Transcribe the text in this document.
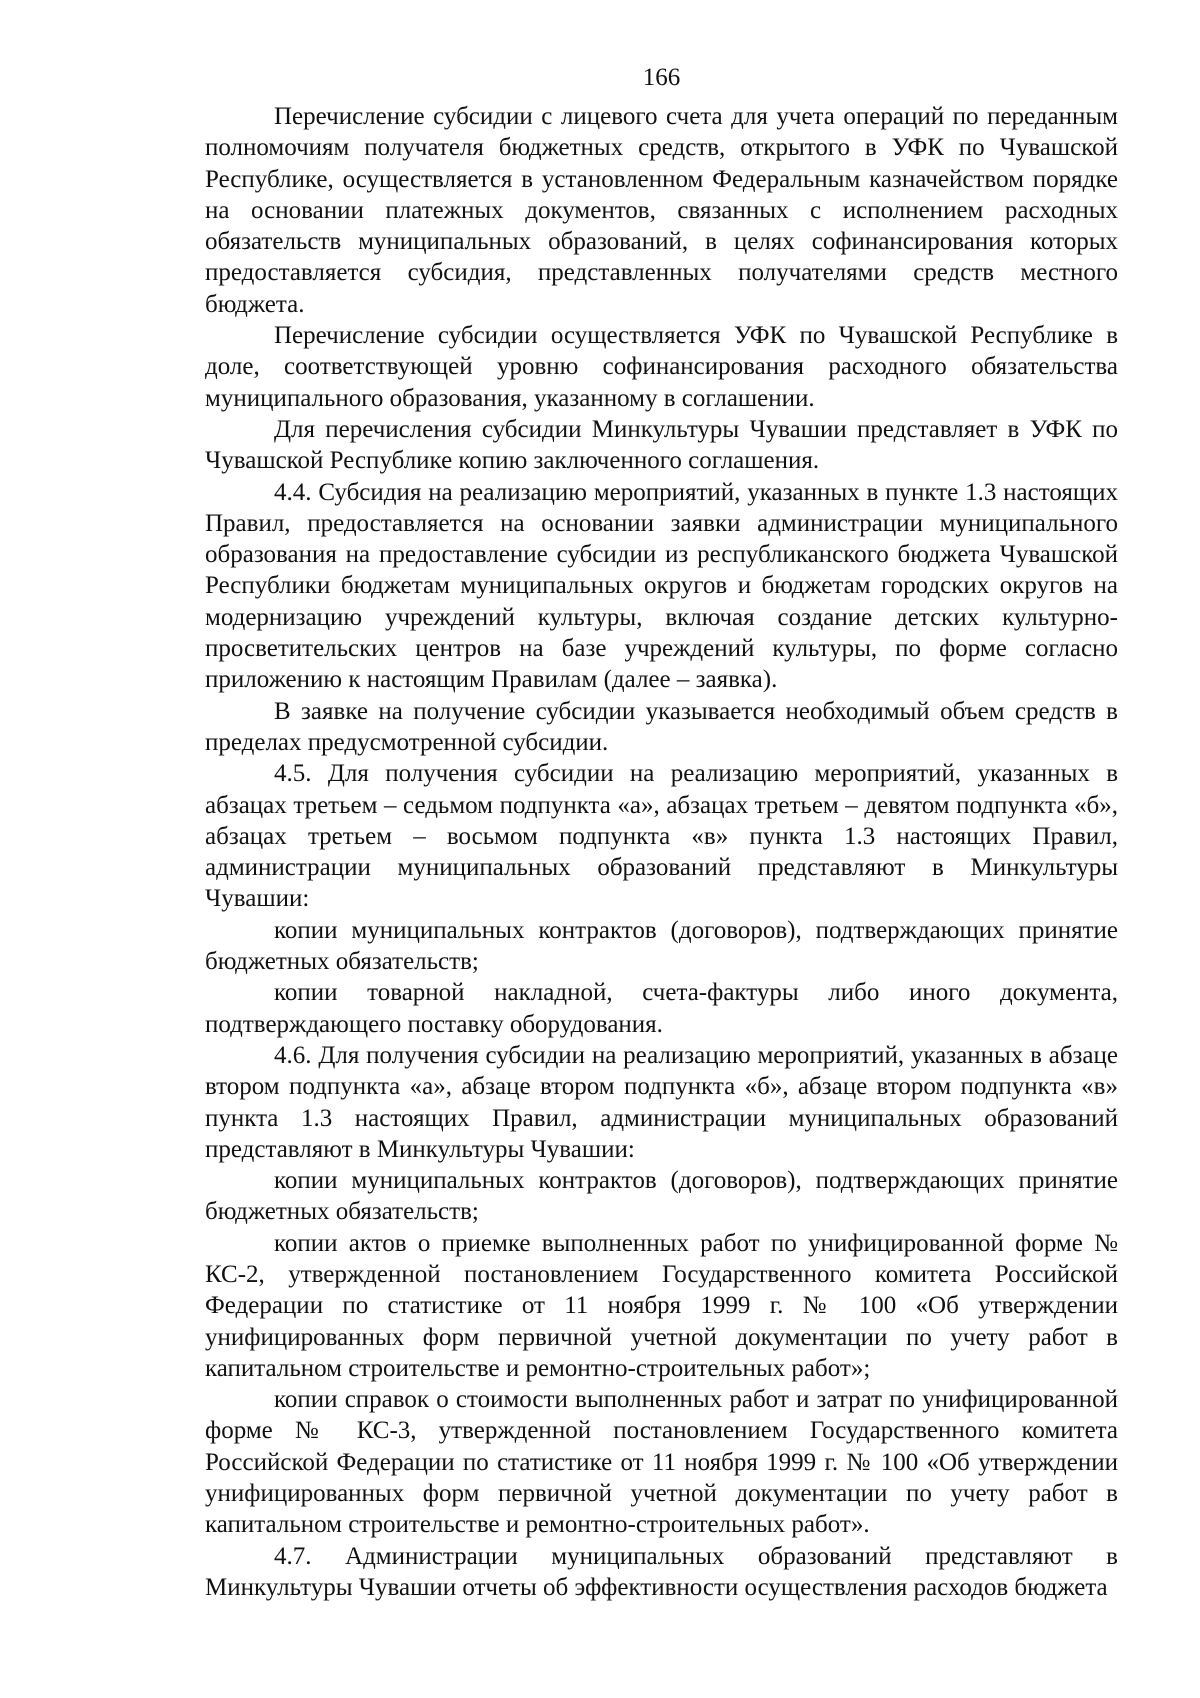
166

Перечисление субсидии с лицевого счета для учета операций по переданным полномочиям получателя бюджетных средств, открытого в УФК по Чувашской Республике, осуществляется в установленном Федеральным казначейством порядке на основании платежных документов, связанных с исполнением расходных обязательств муниципальных образований, в целях софинансирования которых предоставляется субсидия, представленных получателями средств местного бюджета.

Перечисление субсидии осуществляется УФК по Чувашской Республике в доле, соответствующей уровню софинансирования расходного обязательства муниципального образования, указанному в соглашении.

Для перечисления субсидии Минкультуры Чувашии представляет в УФК по Чувашской Республике копию заключенного соглашения.

4.4. Субсидия на реализацию мероприятий, указанных в пункте 1.3 настоящих Правил, предоставляется на основании заявки администрации муниципального образования на предоставление субсидии из республиканского бюджета Чувашской Республики бюджетам муниципальных округов и бюджетам городских округов на модернизацию учреждений культуры, включая создание детских культурно-просветительских центров на базе учреждений культуры, по форме согласно приложению к настоящим Правилам (далее – заявка).

В заявке на получение субсидии указывается необходимый объем средств в пределах предусмотренной субсидии.

4.5. Для получения субсидии на реализацию мероприятий, указанных в абзацах третьем – седьмом подпункта «а», абзацах третьем – девятом подпункта «б», абзацах третьем – восьмом подпункта «в» пункта 1.3 настоящих Правил, администрации муниципальных образований представляют в Минкультуры Чувашии:

копии муниципальных контрактов (договоров), подтверждающих принятие бюджетных обязательств;

копии товарной накладной, счета-фактуры либо иного документа, подтверждающего поставку оборудования.

4.6. Для получения субсидии на реализацию мероприятий, указанных в абзаце втором подпункта «а», абзаце втором подпункта «б», абзаце втором подпункта «в» пункта 1.3 настоящих Правил, администрации муниципальных образований представляют в Минкультуры Чувашии:

копии муниципальных контрактов (договоров), подтверждающих принятие бюджетных обязательств;

копии актов о приемке выполненных работ по унифицированной форме № КС-2, утвержденной постановлением Государственного комитета Российской Федерации по статистике от 11 ноября 1999 г. № 100 «Об утверждении унифицированных форм первичной учетной документации по учету работ в капитальном строительстве и ремонтно-строительных работ»;

копии справок о стоимости выполненных работ и затрат по унифицированной форме № КС-3, утвержденной постановлением Государственного комитета Российской Федерации по статистике от 11 ноября 1999 г. № 100 «Об утверждении унифицированных форм первичной учетной документации по учету работ в капитальном строительстве и ремонтно-строительных работ».

4.7. Администрации муниципальных образований представляют в Минкультуры Чувашии отчеты об эффективности осуществления расходов бюджета
